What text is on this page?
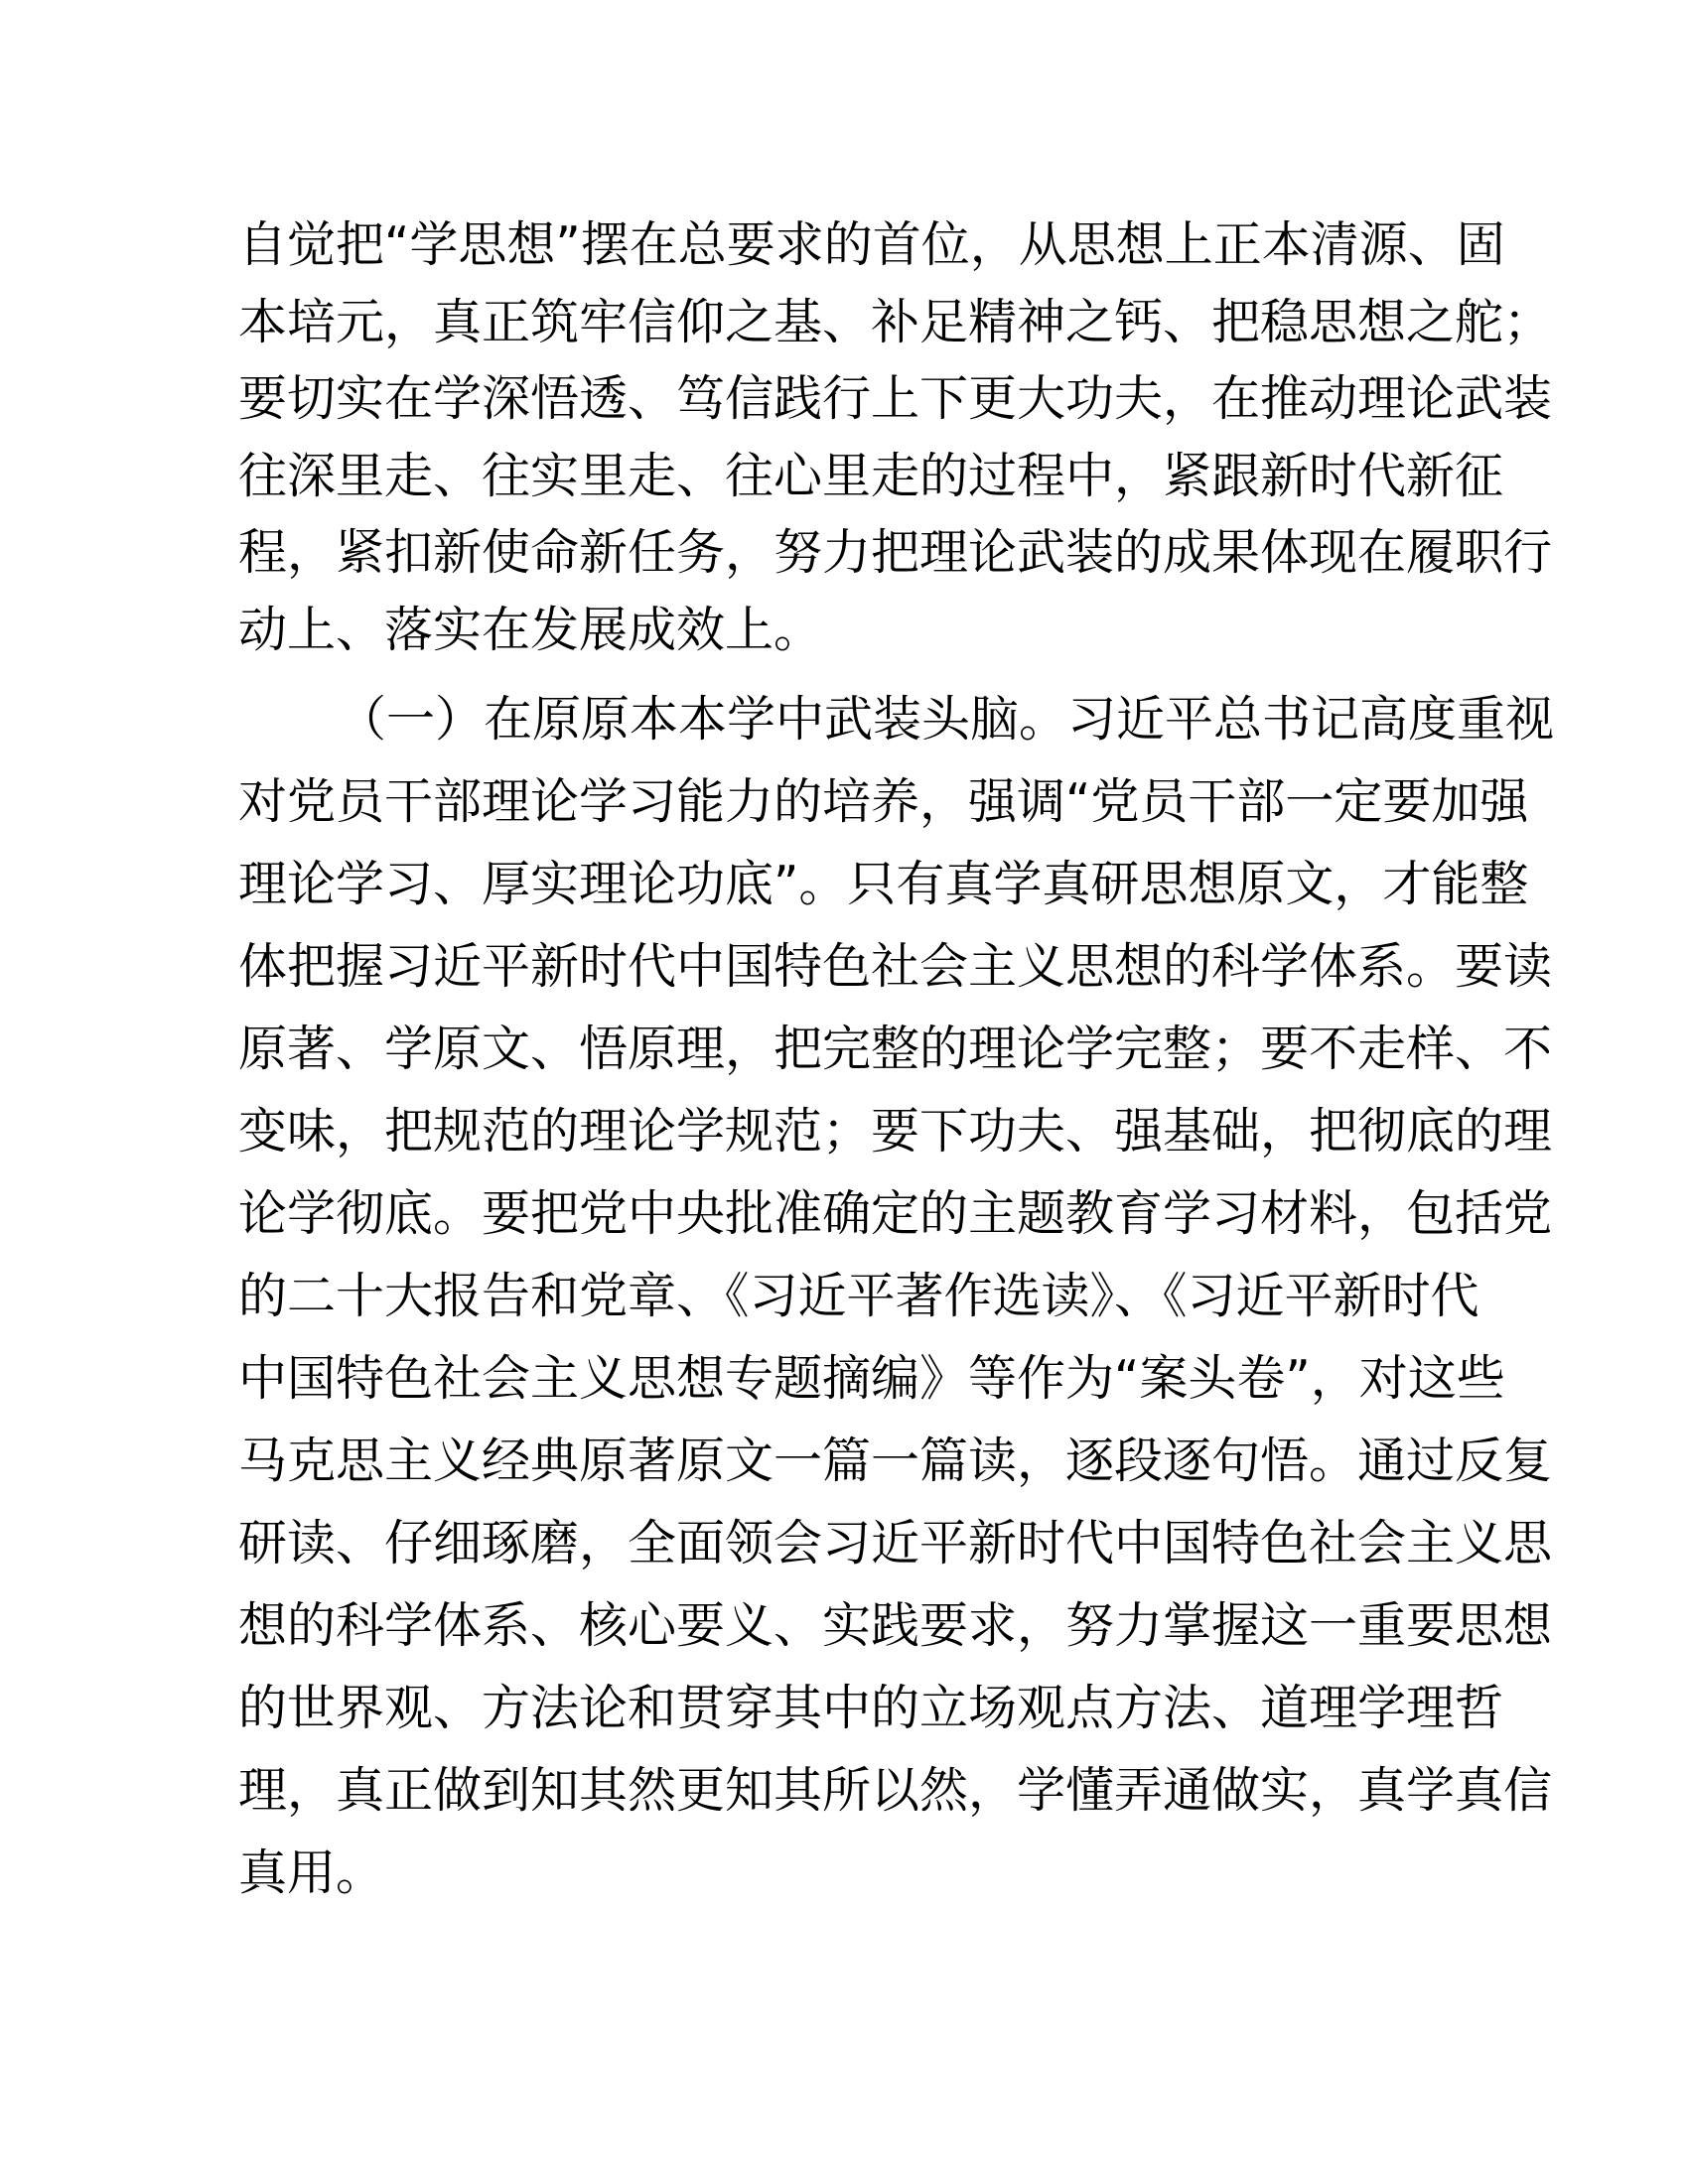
自觉把“学思想”摆在总要求的首位，从思想上正本清源、固
本培元，真正筑牢信仰之基、补足精神之钙、把稳思想之舵；
要切实在学深悟透、笃信践行上下更大功夫，在推动理论武装
往深里走、往实里走、往心里走的过程中，紧跟新时代新征
程，紧扣新使命新任务，努力把理论武装的成果体现在履职行
动上、落实在发展成效上。
（一）在原原本本学中武装头脑。习近平总书记高度重视
对党员干部理论学习能力的培养，强调“党员干部一定要加强
理论学习、厚实理论功底”。只有真学真研思想原文，才能整
体把握习近平新时代中国特色社会主义思想的科学体系。要读
原著、学原文、悟原理，把完整的理论学完整；要不走样、不
变味，把规范的理论学规范；要下功夫、强基础，把彻底的理
论学彻底。要把党中央批准确定的主题教育学习材料，包括党
的二十大报告和党章、《习近平著作选读》、《习近平新时代
中国特色社会主义思想专题摘编》等作为“案头卷”，对这些
马克思主义经典原著原文一篇一篇读，逐段逐句悟。通过反复
研读、仔细琢磨，全面领会习近平新时代中国特色社会主义思
想的科学体系、核心要义、实践要求，努力掌握这一重要思想
的世界观、方法论和贯穿其中的立场观点方法、道理学理哲
理，真正做到知其然更知其所以然，学懂弄通做实，真学真信
真用。
